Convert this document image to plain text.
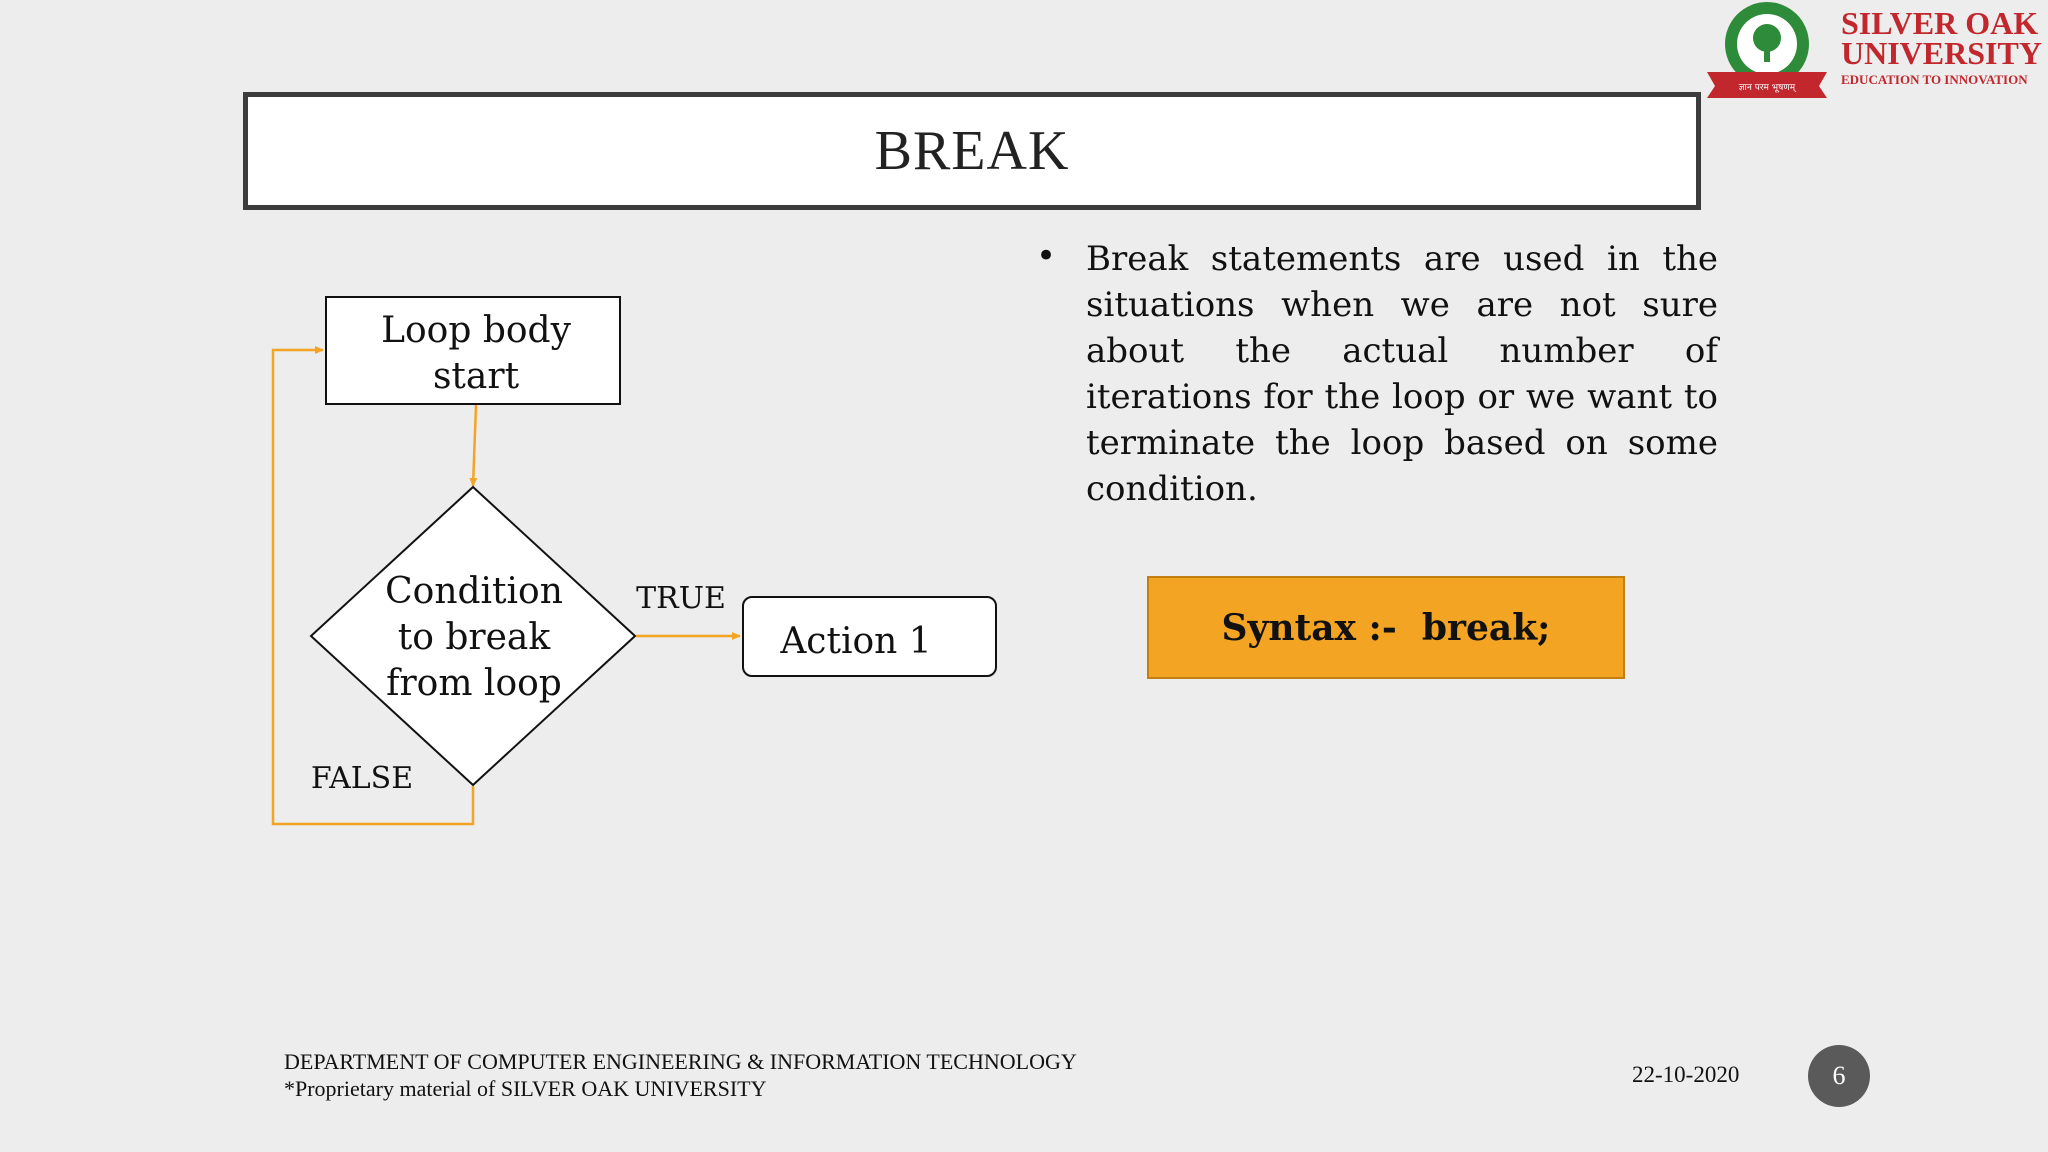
ज्ञान परम भूषणम्
SILVER OAK
UNIVERSITY
EDUCATION TO INNOVATION
BREAK
Loop body
start
Condition
to break
from loop
TRUE
Action 1
FALSE
• Break statements are used in the situations when we are not sure about the actual number of iterations for the loop or we want to terminate the loop based on some condition.
Syntax :-  break;
DEPARTMENT OF COMPUTER ENGINEERING & INFORMATION TECHNOLOGY
*Proprietary material of SILVER OAK UNIVERSITY
22-10-2020	6
